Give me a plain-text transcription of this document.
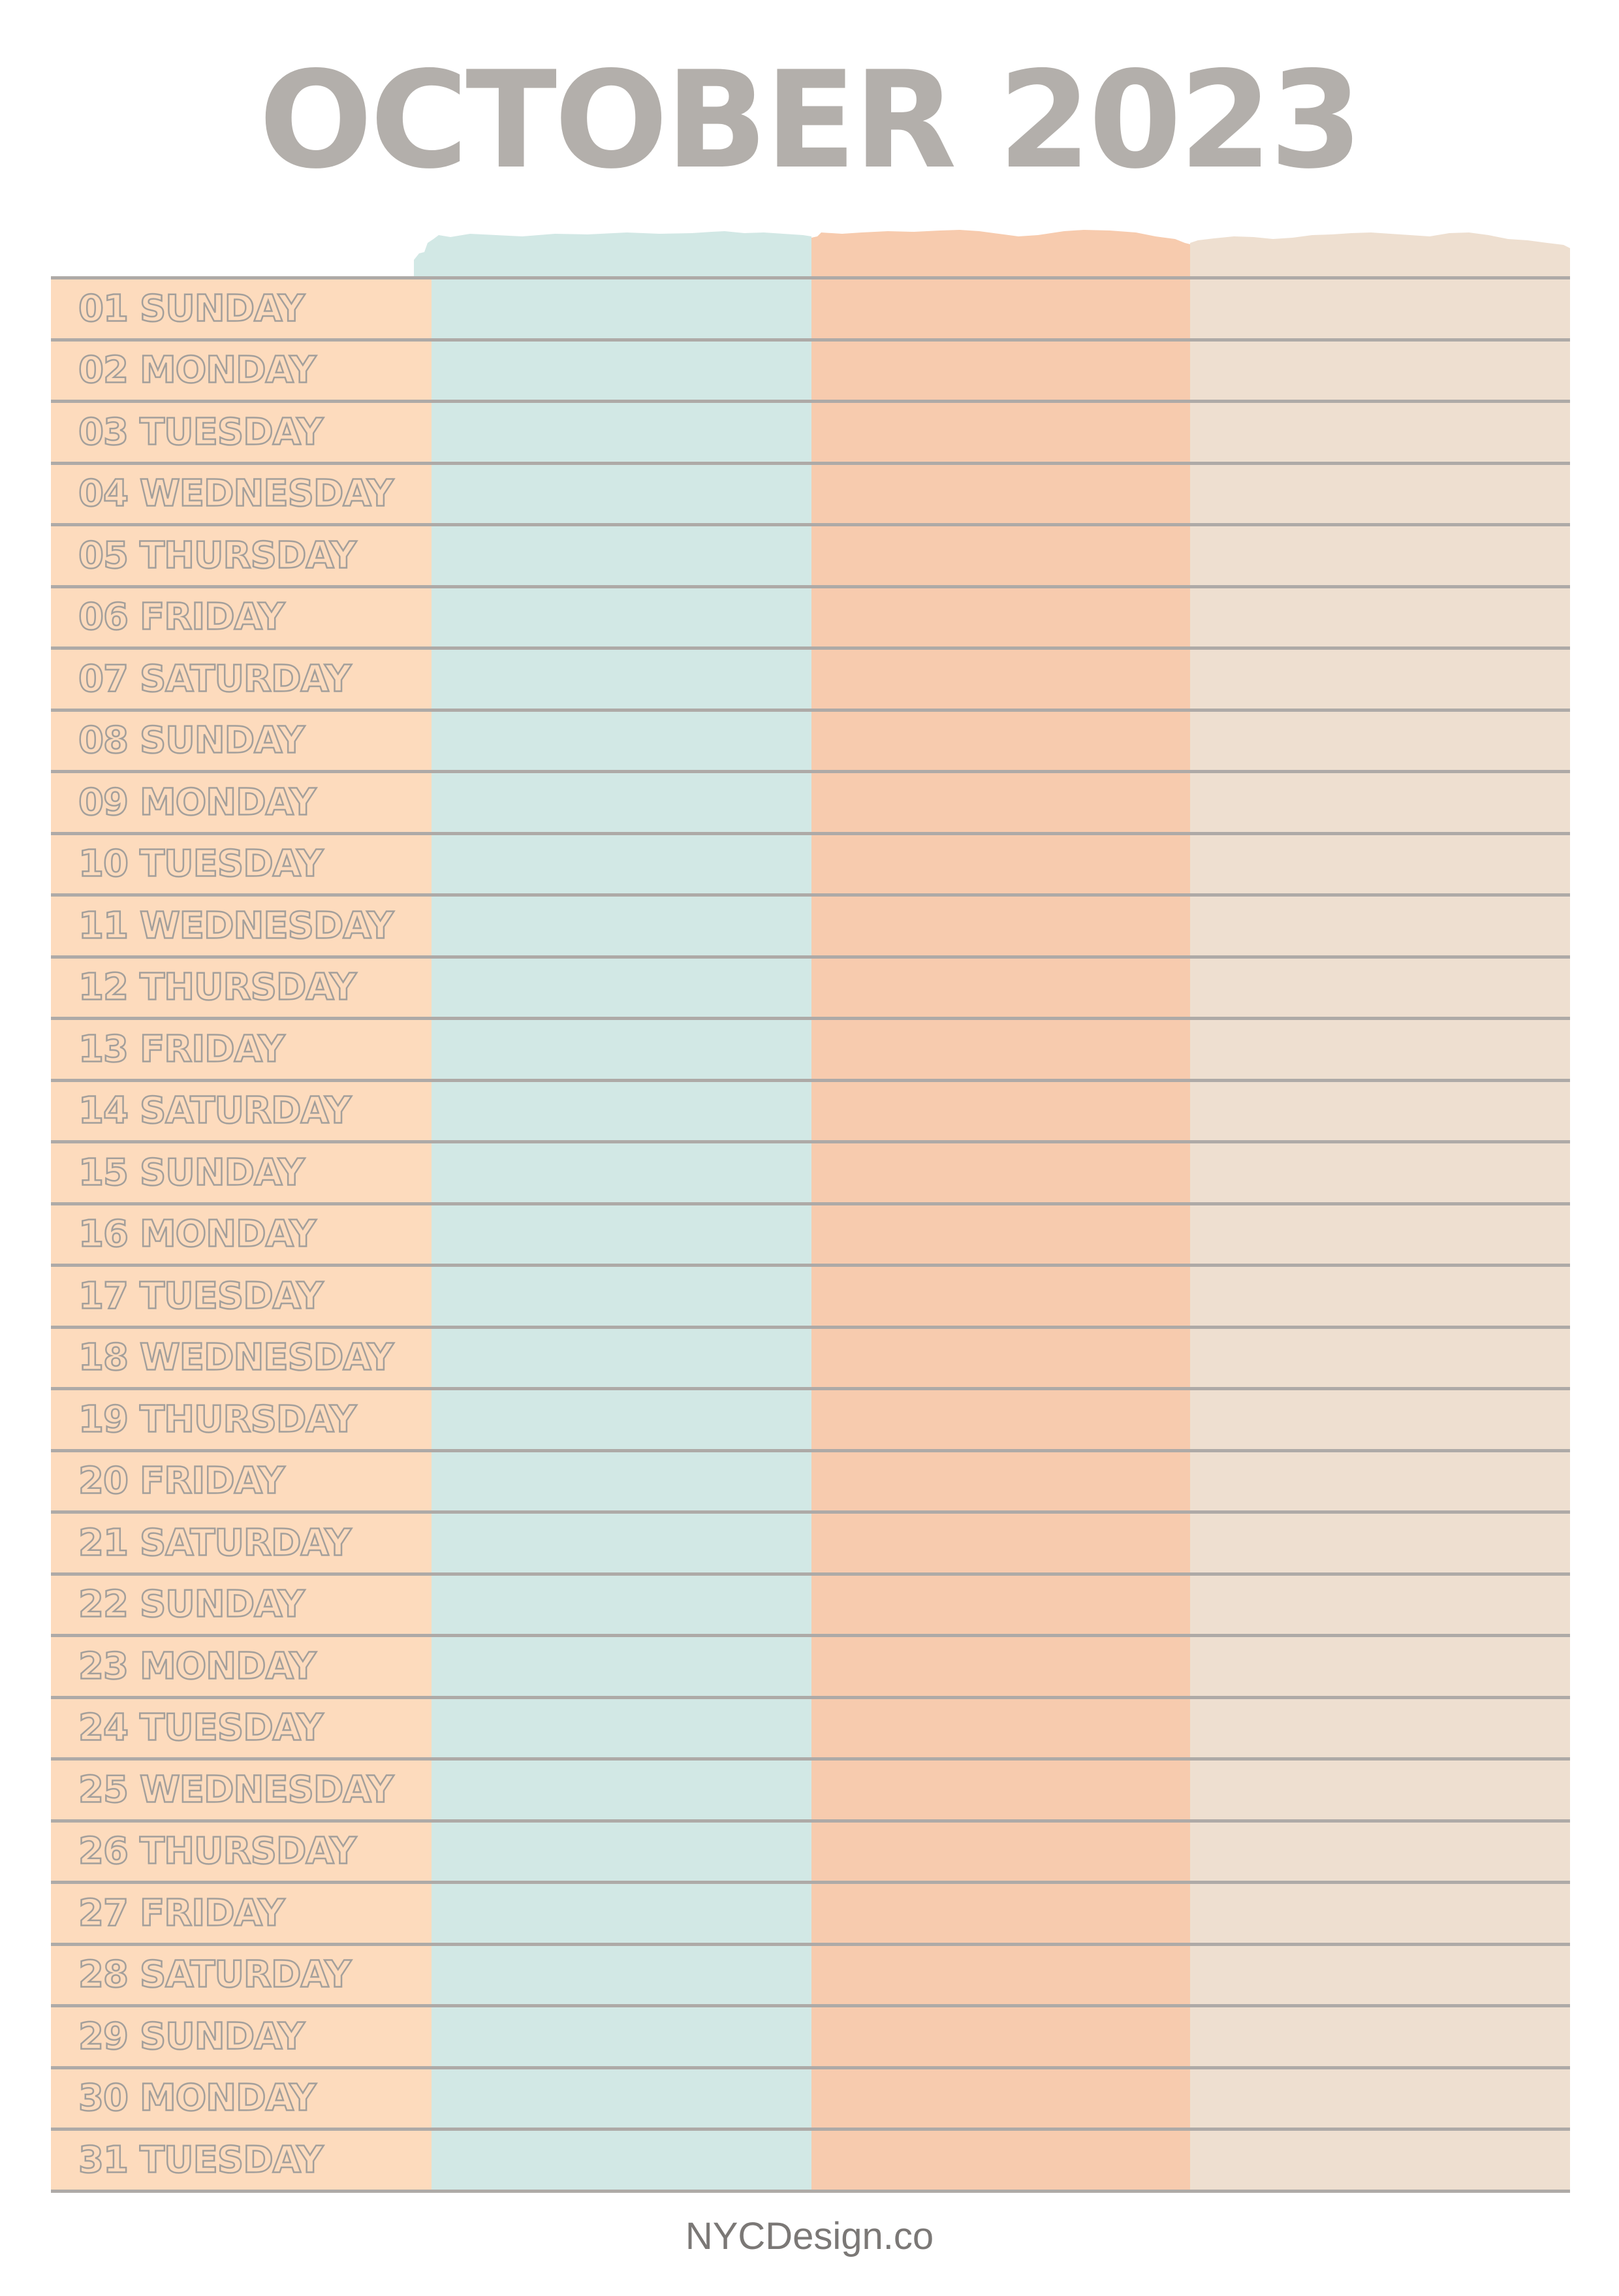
OCTOBER 2023
01 SUNDAY
02 MONDAY
03 TUESDAY
04 WEDNESDAY
05 THURSDAY
06 FRIDAY
07 SATURDAY
08 SUNDAY
09 MONDAY
10 TUESDAY
11 WEDNESDAY
12 THURSDAY
13 FRIDAY
14 SATURDAY
15 SUNDAY
16 MONDAY
17 TUESDAY
18 WEDNESDAY
19 THURSDAY
20 FRIDAY
21 SATURDAY
22 SUNDAY
23 MONDAY
24 TUESDAY
25 WEDNESDAY
26 THURSDAY
27 FRIDAY
28 SATURDAY
29 SUNDAY
30 MONDAY
31 TUESDAY
NYCDesign.co
